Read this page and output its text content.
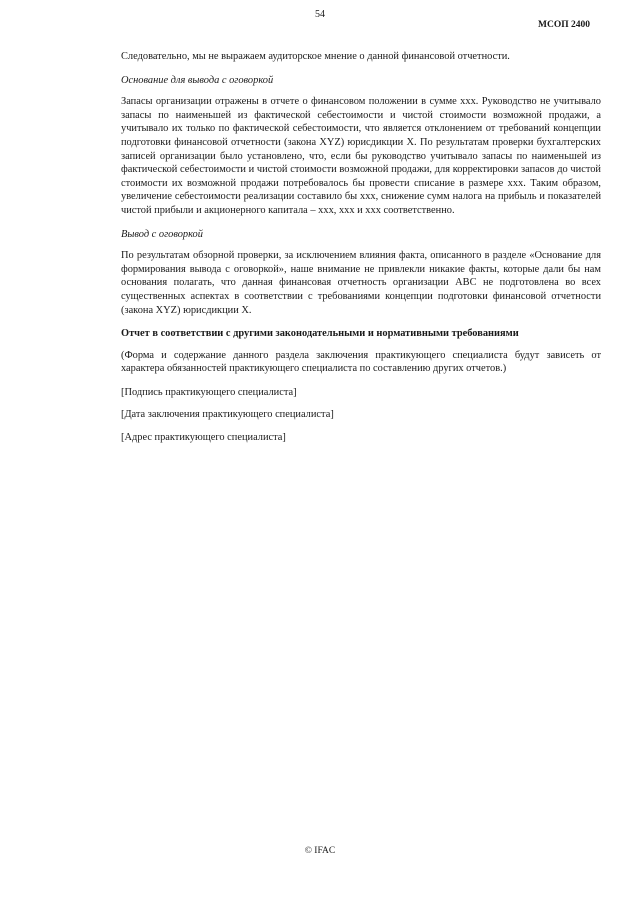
54
МСОП 2400

Следовательно, мы не выражаем аудиторское мнение о данной финансовой отчетности.

Основание для вывода с оговоркой

Запасы организации отражены в отчете о финансовом положении в сумме ххх. Руководство не учитывало запасы по наименьшей из фактической себестоимости и чистой стоимости возможной продажи, а учитывало их только по фактической себестоимости, что является отклонением от требований концепции подготовки финансовой отчетности (закона XYZ) юрисдикции X. По результатам проверки бухгалтерских записей организации было установлено, что, если бы руководство учитывало запасы по наименьшей из фактической себестоимости и чистой стоимости возможной продажи, для корректировки запасов до чистой стоимости их возможной продажи потребовалось бы провести списание в размере ххх. Таким образом, увеличение себестоимости реализации составило бы ххх, снижение сумм налога на прибыль и показателей чистой прибыли и акционерного капитала – ххх, ххх и ххх соответственно.

Вывод с оговоркой

По результатам обзорной проверки, за исключением влияния факта, описанного в разделе «Основание для формирования вывода с оговоркой», наше внимание не привлекли никакие факты, которые дали бы нам основания полагать, что данная финансовая отчетность организации ABC не подготовлена во всех существенных аспектах в соответствии с требованиями концепции подготовки финансовой отчетности (закона XYZ) юрисдикции X.

Отчет в соответствии с другими законодательными и нормативными требованиями

(Форма и содержание данного раздела заключения практикующего специалиста будут зависеть от характера обязанностей практикующего специалиста по составлению других отчетов.)

[Подпись практикующего специалиста]

[Дата заключения практикующего специалиста]

[Адрес практикующего специалиста]

© IFAC
